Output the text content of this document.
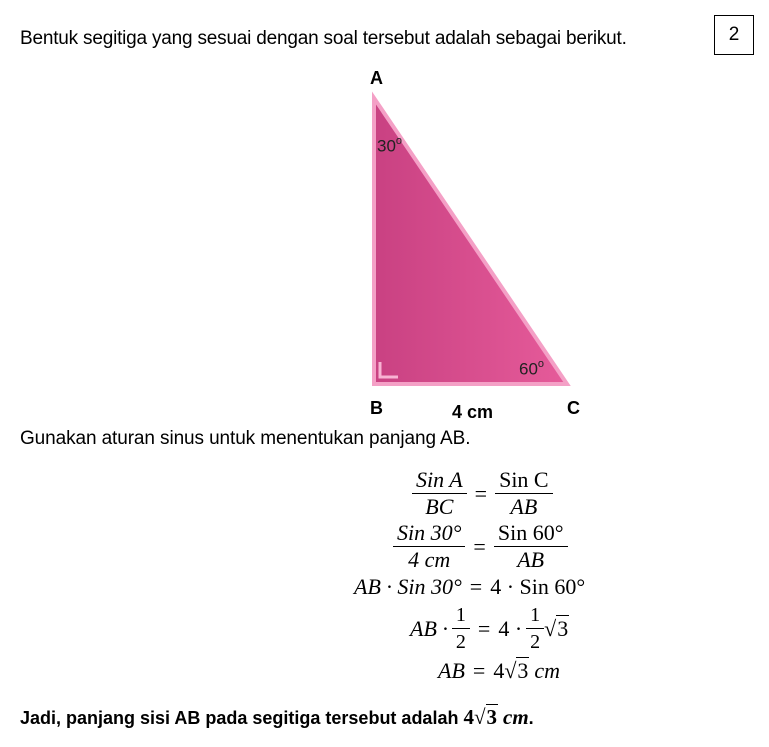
Bentuk segitiga yang sesuai dengan soal tersebut adalah sebagai berikut.	2
A
B	C
30$^o$
60$^o$
4 cm
Gunakan aturan sinus untuk menentukan panjang AB.
$\frac{\text{Sin A}}{BC} = \frac{\text{Sin C}}{AB}$
$\frac{\text{Sin 30°}}{4 cm} = \frac{\text{Sin 60°}}{AB}$
AB · Sin 30° = 4 · Sin 60°
AB · $\frac{1}{2} = 4 \cdot \frac{1}{2} √3$
AB = 4 √3 cm
Jadi, panjang sisi AB pada segitiga tersebut adalah 4√3 cm.
